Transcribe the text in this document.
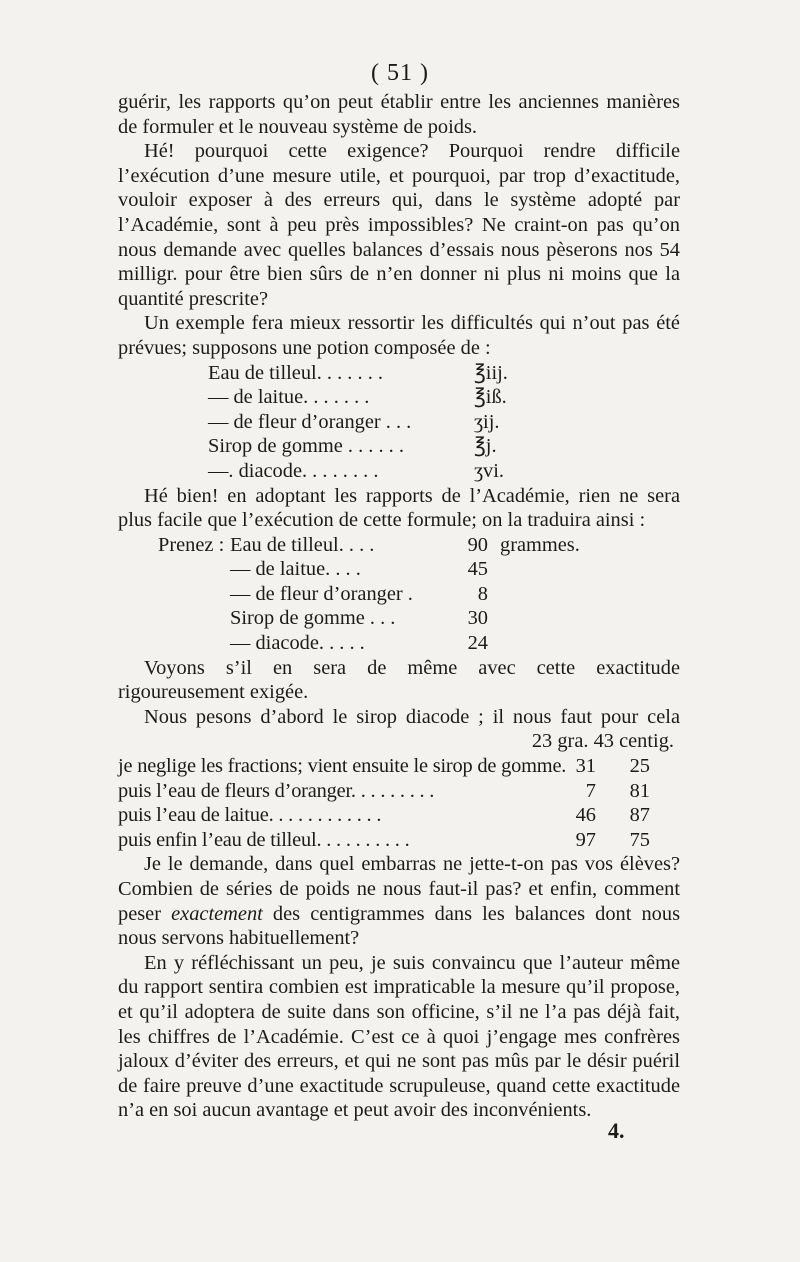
( 51 )

guérir, les rapports qu’on peut établir entre les anciennes manières de formuler et le nouveau système de poids.

Hé! pourquoi cette exigence? Pourquoi rendre difficile l’exécution d’une mesure utile, et pourquoi, par trop d’exactitude, vouloir exposer à des erreurs qui, dans le système adopté par l’Académie, sont à peu près impossibles? Ne craint-on pas qu’on nous demande avec quelles balances d’essais nous pèserons nos 54 milligr. pour être bien sûrs de n’en donner ni plus ni moins que la quantité prescrite?

Un exemple fera mieux ressortir les difficultés qui n’out pas été prévues; supposons une potion composée de :

Eau de tilleul. . . . . . .	℥iij.
— de laitue. . . . . . .	℥iß.
— de fleur d’oranger . . .	ʒij.
Sirop de gomme . . . . . .	℥j.
—. diacode. . . . . . . .	ʒvi.

Hé bien! en adoptant les rapports de l’Académie, rien ne sera plus facile que l’exécution de cette formule; on la traduira ainsi :

Prenez : Eau de tilleul. . . .	90 grammes.
— de laitue. . . .	45
— de fleur d’oranger .	8
Sirop de gomme . . .	30
— diacode. . . . .	24

Voyons s’il en sera de même avec cette exactitude rigoureusement exigée.

Nous pesons d’abord le sirop diacode ; il nous faut pour cela

23 gra. 43 centig.
je neglige les fractions; vient ensuite le sirop de gomme. 31	25
puis l’eau de fleurs d’oranger. . . . . . . . .	7	81
puis l’eau de laitue. . . . . . . . . . . .	46	87
puis enfin l’eau de tilleul. . . . . . . . . .	97	75

Je le demande, dans quel embarras ne jette-t-on pas vos élèves? Combien de séries de poids ne nous faut-il pas? et enfin, comment peser exactement des centigrammes dans les balances dont nous nous servons habituellement?

En y réfléchissant un peu, je suis convaincu que l’auteur même du rapport sentira combien est impraticable la mesure qu’il propose, et qu’il adoptera de suite dans son officine, s’il ne l’a pas déjà fait, les chiffres de l’Académie. C’est ce à quoi j’engage mes confrères jaloux d’éviter des erreurs, et qui ne sont pas mûs par le désir puéril de faire preuve d’une exactitude scrupuleuse, quand cette exactitude n’a en soi aucun avantage et peut avoir des inconvénients.

4.
